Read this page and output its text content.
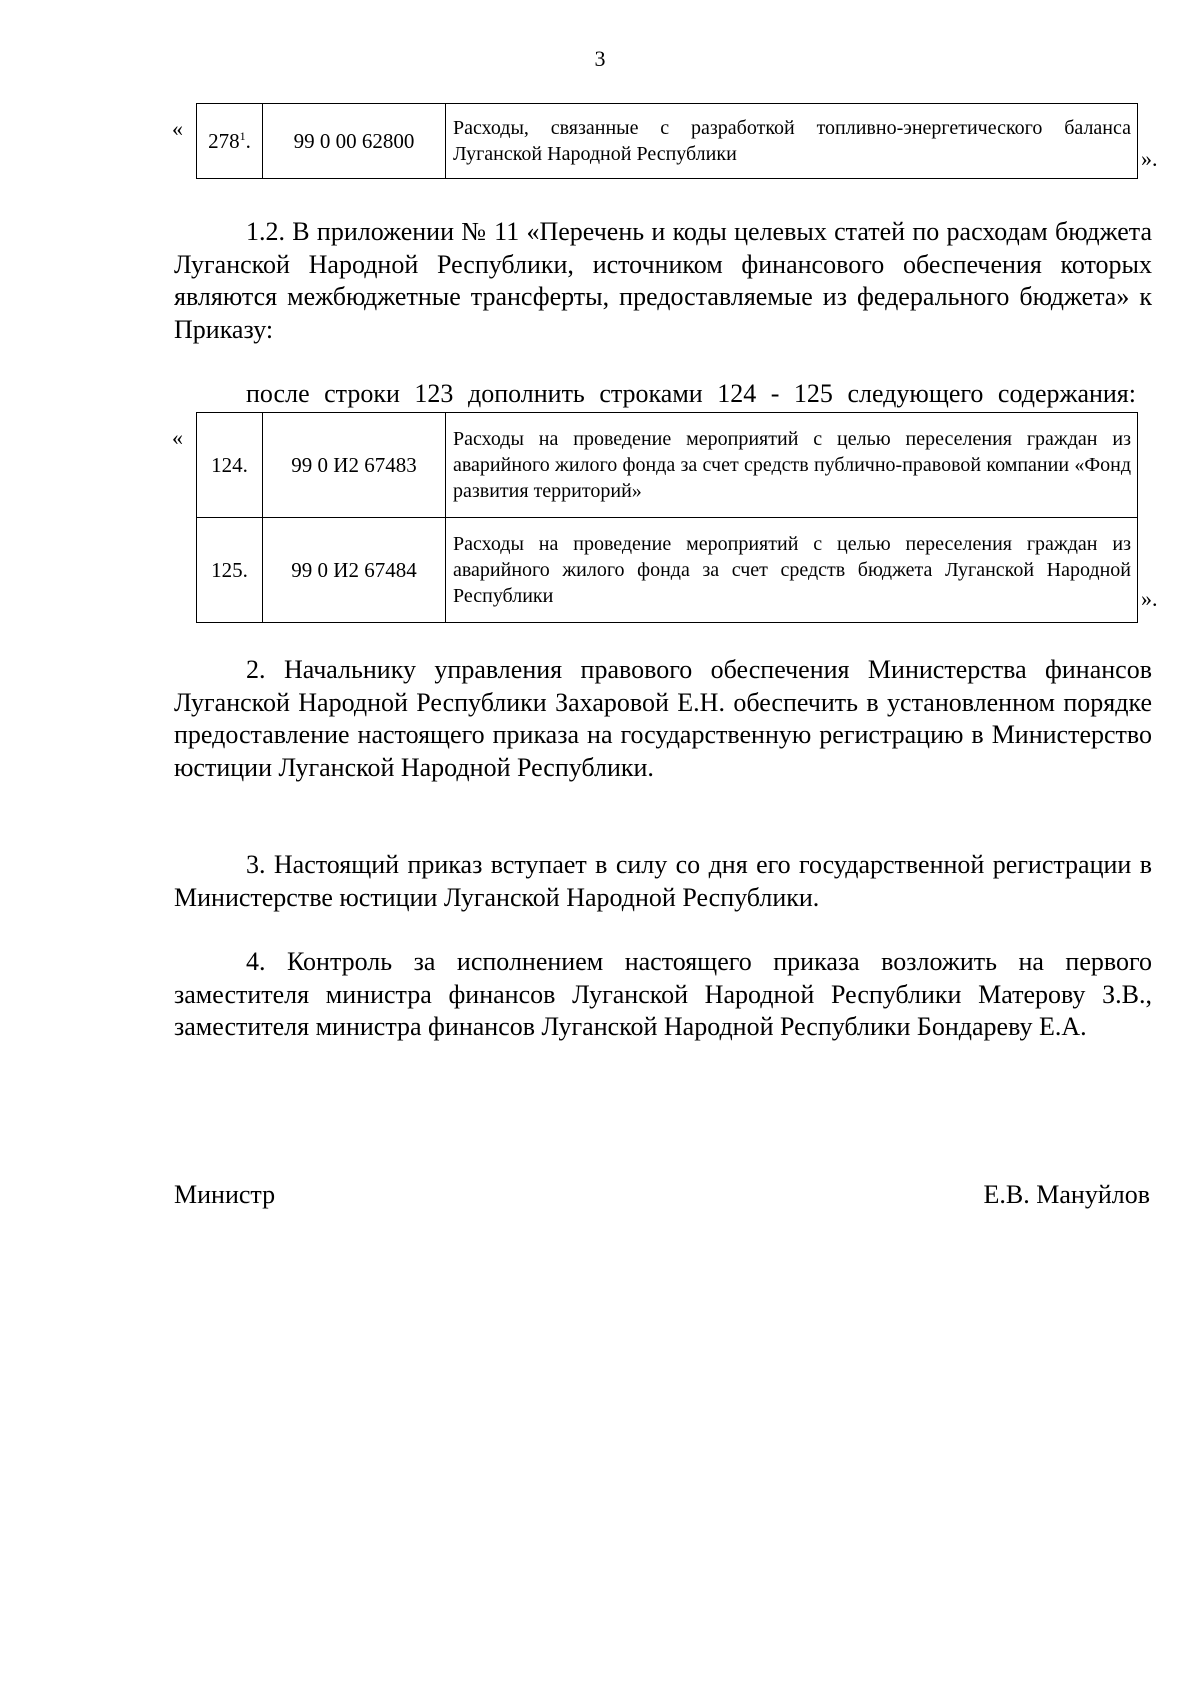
3
« $278^1$.	99 0 00 62800	Расходы, связанные с разработкой топливно-энергетического баланса Луганской Народной Республики	».

1.2. В приложении № 11 «Перечень и коды целевых статей по расходам бюджета Луганской Народной Республики, источником финансового обеспечения которых являются межбюджетные трансферты, предоставляемые из федерального бюджета» к Приказу:

после строки 123 дополнить строками 124 - 125 следующего содержания:

«
124.	99 0 И2 67483	Расходы на проведение мероприятий с целью переселения граждан из аварийного жилого фонда за счет средств публично-правовой компании «Фонд развития территорий»
125.	99 0 И2 67484	Расходы на проведение мероприятий с целью переселения граждан из аварийного жилого фонда за счет средств бюджета Луганской Народной Республики	».

2. Начальнику управления правового обеспечения Министерства финансов Луганской Народной Республики Захаровой Е.Н. обеспечить в установленном порядке предоставление настоящего приказа на государственную регистрацию в Министерство юстиции Луганской Народной Республики.

3. Настоящий приказ вступает в силу со дня его государственной регистрации в Министерстве юстиции Луганской Народной Республики.

4. Контроль за исполнением настоящего приказа возложить на первого заместителя министра финансов Луганской Народной Республики Матерову З.В., заместителя министра финансов Луганской Народной Республики Бондареву Е.А.

Министр	Е.В. Мануйлов
